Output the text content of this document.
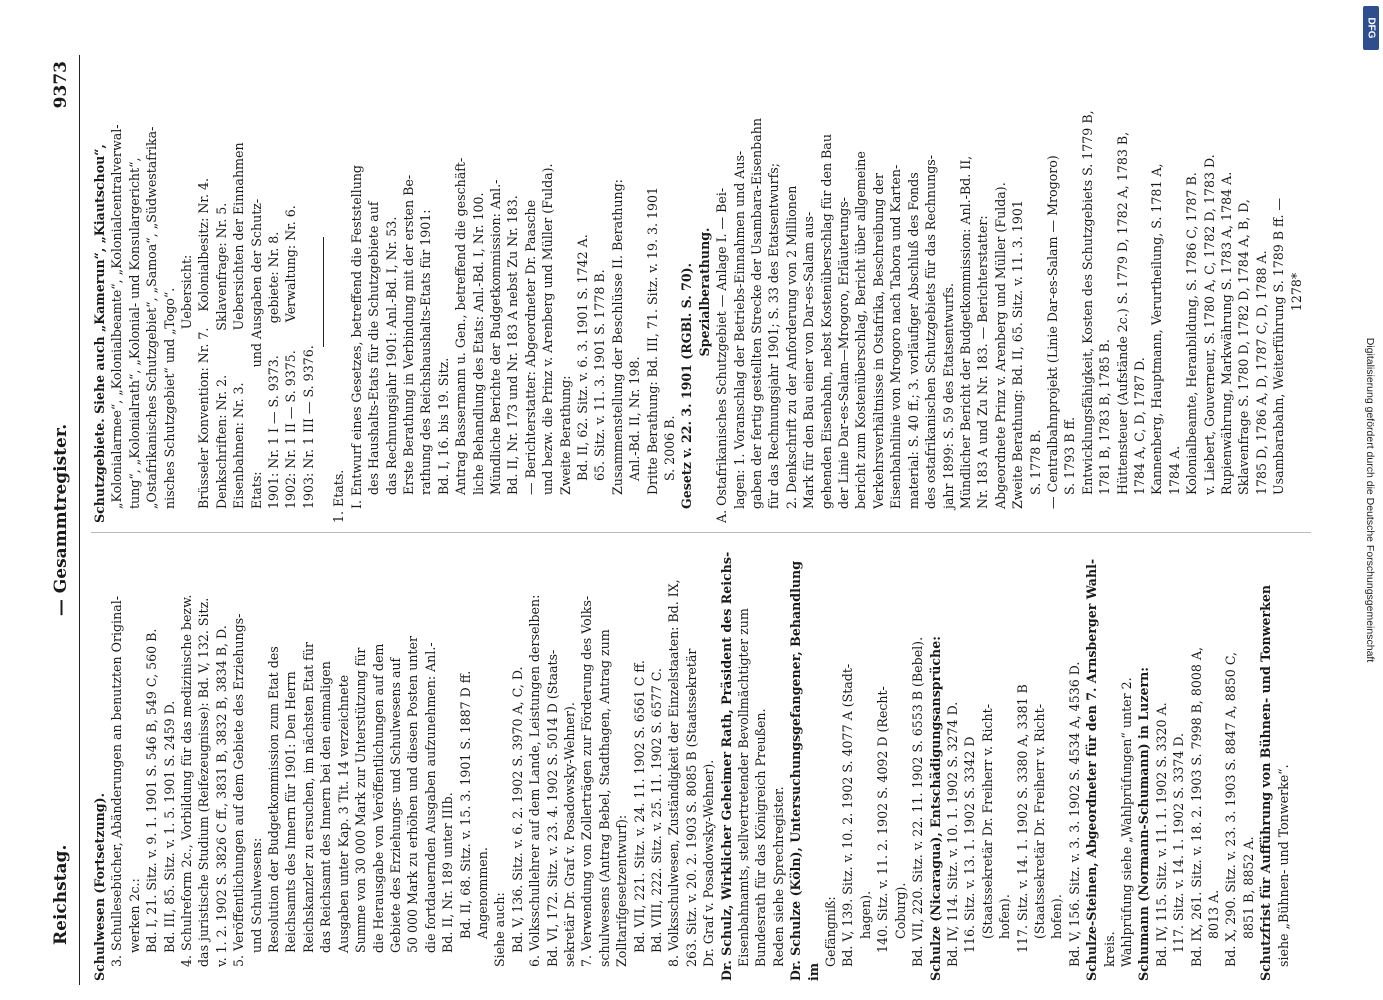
Reichstag.
— Gesammtregister.
9373
Schulwesen (Fortsetzung). 3. Schullesebücher, Abänderungen an benutzten Original- werken 2c.: Bd. I, 21. Sitz. v. 9. 1. 1901 S. 546 B, 549 C, 560 B. Bd. III, 85. Sitz. v. 1. 5. 1901 S. 2459 D. 4. Schulreform 2c., Vorbildung für das medizinische bezw. das juristische Studium (Reifezeugnisse): Bd. V, 132. Sitz. v. 1. 2. 1902 S. 3826 C ff., 3831 B, 3832 B, 3834 B, D. 5. Veröffentlichungen auf dem Gebiete des Erziehungs- und Schulwesens: Resolution der Budgetkommission zum Etat des Reichsamts des Innern für 1901: Den Herrn Reichskanzler zu ersuchen, im nächsten Etat für das Reichsamt des Innern bei den einmaligen Ausgaben unter Kap. 3 Tit. 14 verzeichnete Summe von 30 000 Mark zur Unterstützung für die Herausgabe von Veröffentlichungen auf dem Gebiete des Erziehungs- und Schulwesens auf 50 000 Mark zu erhöhen und diesen Posten unter die fortdauernden Ausgaben aufzunehmen: Anl.- Bd. II, Nr. 189 unter IIIb. Bd. II, 68. Sitz. v. 15. 3. 1901 S. 1887 D ff. Angenommen. Siehe auch: Bd. V, 136. Sitz. v. 6. 2. 1902 S. 3970 A, C, D. 6. Volksschullehrer auf dem Lande, Leistungen derselben: Bd. VI, 172. Sitz. v. 23. 4. 1902 S. 5014 D (Staats- sekretär Dr. Graf v. Posadowsky-Wehner). 7. Verwendung von Zollerträgen zur Förderung des Volks- schulwesens (Antrag Bebel, Stadthagen, Antrag zum Zolltarifgesetzentwurf): Bd. VII, 221. Sitz. v. 24. 11. 1902 S. 6561 C ff. Bd. VIII, 222. Sitz. v. 25. 11. 1902 S. 6577 C. 8. Volksschulwesen, Zuständigkeit der Einzelstaaten: Bd. IX, 263. Sitz. v. 20. 2. 1903 S. 8085 B (Staatssekretär Dr. Graf v. Posadowsky-Wehner). Dr. Schulz, Wirklicher Geheimer Rath, Präsident des Reichs- Eisenbahnamts, stellvertretender Bevollmächtigter zum Bundesrath für das Königreich Preußen. Reden siehe Sprechregister. Dr. Schulze (Köln), Untersuchungsgefangener, Behandlung im
Gefängniß: Bd. V, 139. Sitz. v. 10. 2. 1902 S. 4077 A (Stadt- hagen). 140. Sitz. v. 11. 2. 1902 S. 4092 D (Recht- Coburg). Bd. VII, 220. Sitz. v. 22. 11. 1902 S. 6553 B (Bebel). Schulze (Nicaragua), Entschädigungsansprüche: Bd. IV, 114. Sitz. v. 10. 1. 1902 S. 3274 D. 116. Sitz. v. 13. 1. 1902 S. 3342 D (Staatssekretär Dr. Freiherr v. Richt- hofen). 117. Sitz. v. 14. 1. 1902 S. 3380 A, 3381 B (Staatssekretär Dr. Freiherr v. Richt- hofen). Bd. V, 156. Sitz. v. 3. 3. 1902 S. 4534 A, 4536 D. Schulze-Steinen, Abgeordneter für den 7. Arnsberger Wahl- kreis. Wahlprüfung siehe „Wahlprüfungen“ unter 2. Schumann (Normann-Schumann) in Luzern: Bd. IV, 115. Sitz. v. 11. 1. 1902 S. 3320 A. 117. Sitz. v. 14. 1. 1902 S. 3374 D. Bd. IX, 261. Sitz. v. 18. 2. 1903 S. 7998 B, 8008 A, 8013 A. Bd. X, 290. Sitz. v. 23. 3. 1903 S. 8847 A, 8850 C, 8851 B, 8852 A. Schutzfrist für Aufführung von Bühnen- und Tonwerken siehe „Bühnen- und Tonwerke“.
Schutzgebiete. Siehe auch „Kamerun“, „Kiautschou“, „Kolonialarmee“, „Kolonialbeamte“, „Kolonialcentralverwal- tung“, „Kolonialrath“, „Kolonial- und Konsulargericht“, „Ostafrikanisches Schutzgebiet“, „Samoa“, „Südwestafrika- nisches Schutzgebiet“ und „Togo“. Uebersicht: Brüsseler Konvention: Nr. 7.    Kolonialbesitz: Nr. 4. Denkschriften: Nr. 2.           Sklavenfrage: Nr. 5. Eisenbahnen: Nr. 3.             Uebersichten der Einnahmen Etats:                          und Ausgaben der Schutz- 1901: Nr. 1 I — S. 9373.        gebiete: Nr. 8. 1902: Nr. 1 II — S. 9375.       Verwaltung: Nr. 6. 1903: Nr. 1 III — S. 9376. 1. Etats. I. Entwurf eines Gesetzes, betreffend die Feststellung des Haushalts-Etats für die Schutzgebiete auf das Rechnungsjahr 1901: Anl.-Bd. I, Nr. 53. Erste Berathung in Verbindung mit der ersten Be- rathung des Reichshaushalts-Etats für 1901: Bd. I, 16. bis 19. Sitz. Antrag Bassermann u. Gen., betreffend die geschäft- liche Behandlung des Etats: Anl.-Bd. I, Nr. 100. Mündliche Berichte der Budgetkommission: Anl.- Bd. II, Nr. 173 und Nr. 183 A nebst Zu Nr. 183. — Berichterstatter: Abgeordneter Dr. Paasche und bezw. die Prinz v. Arenberg und Müller (Fulda). Zweite Berathung: Bd. II, 62. Sitz. v. 6. 3. 1901 S. 1742 A. 65. Sitz. v. 11. 3. 1901 S. 1778 B. Zusammenstellung der Beschlüsse II. Berathung: Anl.-Bd. II, Nr. 198. Dritte Berathung: Bd. III, 71. Sitz. v. 19. 3. 1901 S. 2006 B. Gesetz v. 22. 3. 1901 (RGBl. S. 70). Spezialberathung. A. Ostafrikanisches Schutzgebiet — Anlage I. — Bei- lagen: 1. Voranschlag der Betriebs-Einnahmen und Aus- gaben der fertig gestellten Strecke der Usambara-Eisenbahn für das Rechnungsjahr 1901; S. 33 des Etatsentwurfs; 2. Denkschrift zu der Anforderung von 2 Millionen Mark für den Bau einer von Dar-es-Salam aus- gehenden Eisenbahn, nebst Kostenüberschlag für den Bau der Linie Dar-es-Salam—Mrogoro, Erläuterungs- bericht zum Kostenüberschlag, Bericht über allgemeine Verkehrsverhältnisse in Ostafrika, Beschreibung der Eisenbahnlinie von Mrogoro nach Tabora und Karten- material: S. 40 ff.; 3. vorläufiger Abschluß des Fonds des ostafrikanischen Schutzgebiets für das Rechnungs- jahr 1899: S. 59 des Etatsentwurfs. Mündlicher Bericht der Budgetkommission: Anl.-Bd. II, Nr. 183 A und Zu Nr. 183. — Berichterstatter: Abgeordnete Prinz v. Arenberg und Müller (Fulda). Zweite Berathung: Bd. II, 65. Sitz. v. 11. 3. 1901 S. 1778 B. — Centralbahnprojekt (Linie Dar-es-Salam — Mrogoro) S. 1793 B ff. Entwicklungsfähigkeit, Kosten des Schutzgebiets S. 1779 B, 1781 B, 1783 B, 1785 B. Hüttensteuer (Aufstände 2c.) S. 1779 D, 1782 A, 1783 B, 1784 A, C, D, 1787 D. Kannenberg, Hauptmann, Verurtheilung, S. 1781 A, 1784 A. Kolonialbeamte, Heranbildung, S. 1786 C, 1787 B. v. Liebert, Gouverneur, S. 1780 A, C, 1782 D, 1783 D. Rupienwährung, Markwährung S. 1783 A, 1784 A. Sklavenfrage S. 1780 D, 1782 D, 1784 A, B, D, 1785 D, 1786 A, D, 1787 C, D, 1788 A. Usambarabahn, Weiterführung S. 1789 B ff. — 1278*
DFG
Digitalisierung gefördert durch die Deutsche Forschungsgemeinschaft
